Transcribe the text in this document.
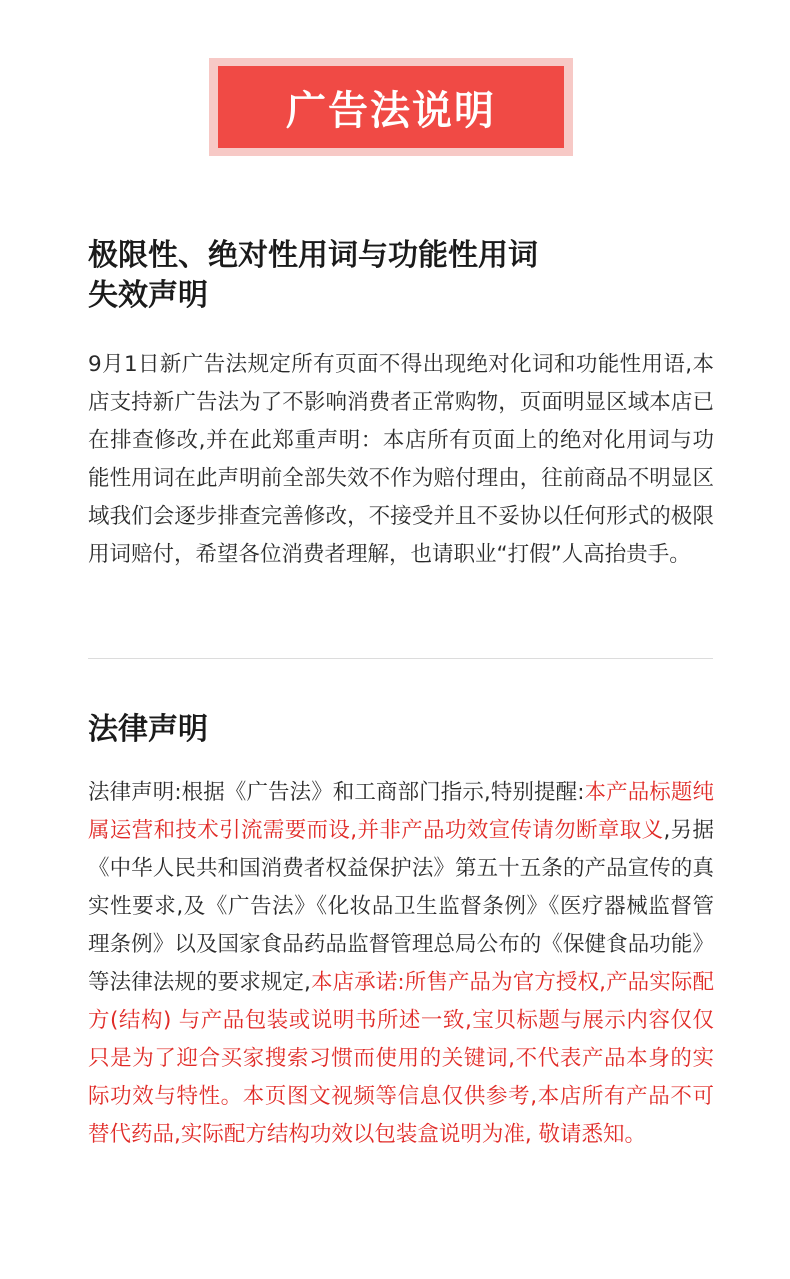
广告法说明
极限性、绝对性用词与功能性用词
失效声明

9月1日新广告法规定所有页面不得出现绝对化词和功能性用语,本店支持新广告法为了不影响消费者正常购物，页面明显区域本店已在排查修改,并在此郑重声明：本店所有页面上的绝对化用词与功能性用词在此声明前全部失效不作为赔付理由，往前商品不明显区域我们会逐步排查完善修改，不接受并且不妥协以任何形式的极限用词赔付，希望各位消费者理解，也请职业“打假”人高抬贵手。

法律声明

法律声明:根据《广告法》和工商部门指示,特别提醒:本产品标题纯属运营和技术引流需要而设,并非产品功效宣传请勿断章取义,另据《中华人民共和国消费者权益保护法》第五十五条的产品宣传的真实性要求,及《广告法》《化妆品卫生监督条例》《医疗器械监督管理条例》以及国家食品药品监督管理总局公布的《保健食品功能》等法律法规的要求规定,本店承诺:所售产品为官方授权,产品实际配方(结构) 与产品包装或说明书所述一致,宝贝标题与展示内容仅仅只是为了迎合买家搜索习惯而使用的关键词,不代表产品本身的实际功效与特性。本页图文视频等信息仅供参考,本店所有产品不可替代药品,实际配方结构功效以包装盒说明为准, 敬请悉知。
